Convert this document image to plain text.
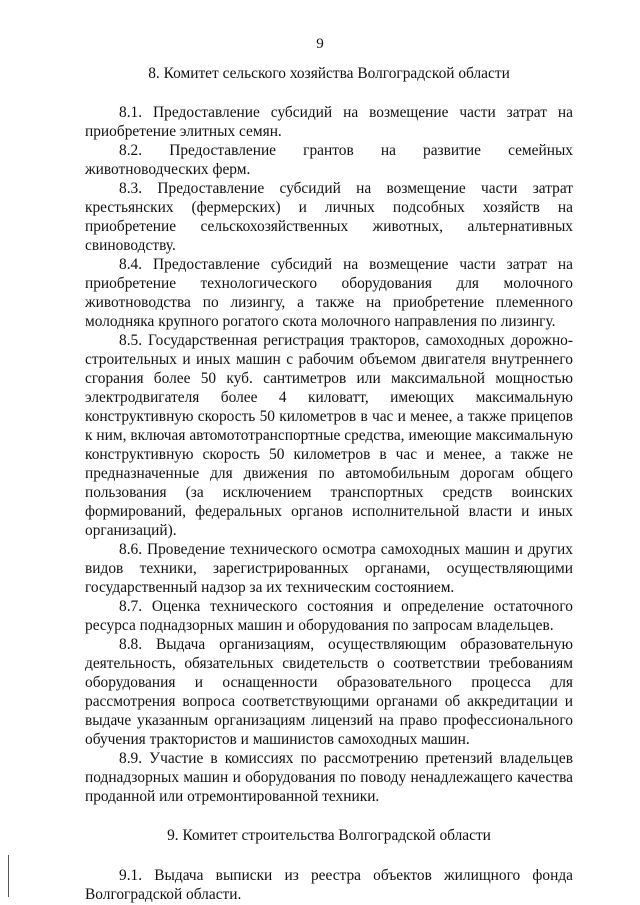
9

8. Комитет сельского хозяйства Волгоградской области

8.1. Предоставление субсидий на возмещение части затрат на приобретение элитных семян.

8.2. Предоставление грантов на развитие семейных животноводческих ферм.

8.3. Предоставление субсидий на возмещение части затрат крестьянских (фермерских) и личных подсобных хозяйств на приобретение сельскохозяйственных животных, альтернативных свиноводству.

8.4. Предоставление субсидий на возмещение части затрат на приобретение технологического оборудования для молочного животноводства по лизингу, а также на приобретение племенного молодняка крупного рогатого скота молочного направления по лизингу.

8.5. Государственная регистрация тракторов, самоходных дорожно-строительных и иных машин с рабочим объемом двигателя внутреннего сгорания более 50 куб. сантиметров или максимальной мощностью электродвигателя более 4 киловатт, имеющих максимальную конструктивную скорость 50 километров в час и менее, а также прицепов к ним, включая автомототранспортные средства, имеющие максимальную конструктивную скорость 50 километров в час и менее, а также не предназначенные для движения по автомобильным дорогам общего пользования (за исключением транспортных средств воинских формирований, федеральных органов исполнительной власти и иных организаций).

8.6. Проведение технического осмотра самоходных машин и других видов техники, зарегистрированных органами, осуществляющими государственный надзор за их техническим состоянием.

8.7. Оценка технического состояния и определение остаточного ресурса поднадзорных машин и оборудования по запросам владельцев.

8.8. Выдача организациям, осуществляющим образовательную деятельность, обязательных свидетельств о соответствии требованиям оборудования и оснащенности образовательного процесса для рассмотрения вопроса соответствующими органами об аккредитации и выдаче указанным организациям лицензий на право профессионального обучения трактористов и машинистов самоходных машин.

8.9. Участие в комиссиях по рассмотрению претензий владельцев поднадзорных машин и оборудования по поводу ненадлежащего качества проданной или отремонтированной техники.

9. Комитет строительства Волгоградской области

9.1. Выдача выписки из реестра объектов жилищного фонда Волгоградской области.
